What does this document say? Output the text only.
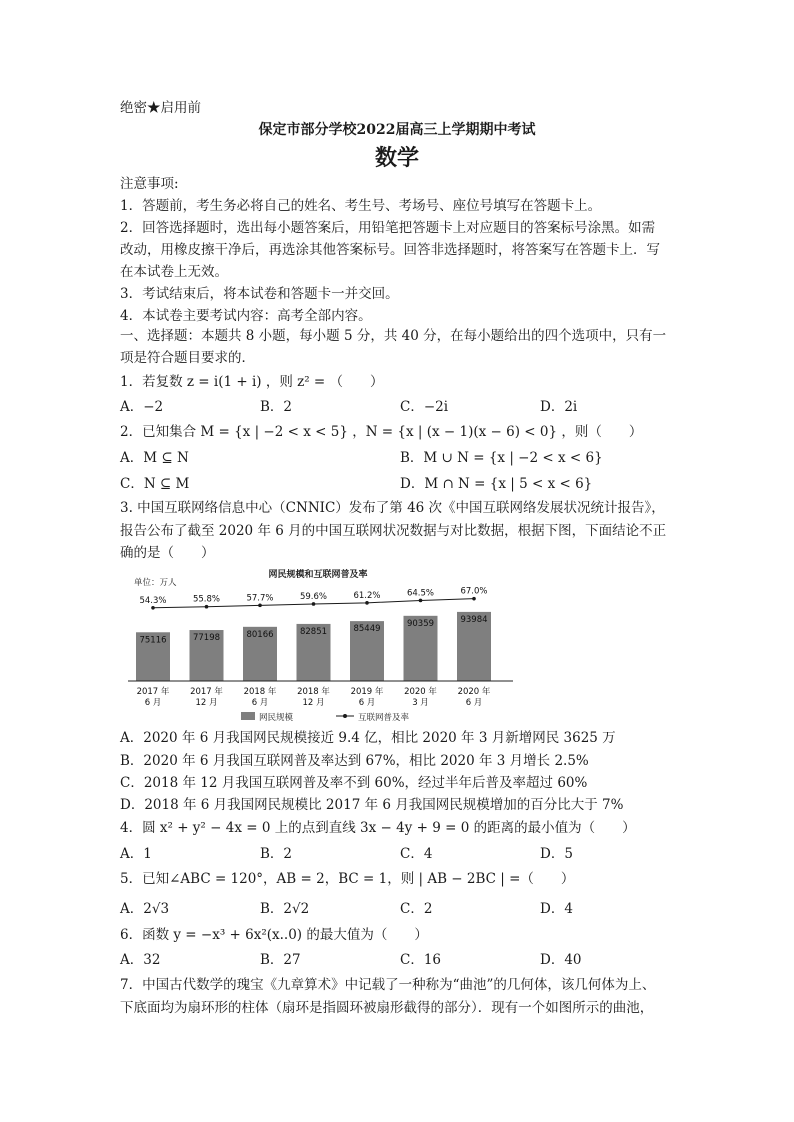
绝密★启用前
保定市部分学校2022届高三上学期期中考试
数学
注意事项:
1．答题前，考生务必将自己的姓名、考生号、考场号、座位号填写在答题卡上。
2．回答选择题时，选出每小题答案后，用铅笔把答题卡上对应题目的答案标号涂黑。如需
改动，用橡皮擦干净后，再选涂其他答案标号。回答非选择题时，将答案写在答题卡上．写
在本试卷上无效。
3．考试结束后，将本试卷和答题卡一并交回。
4．本试卷主要考试内容：高考全部内容。
一、选择题：本题共 8 小题，每小题 5 分，共 40 分，在每小题给出的四个选项中，只有一
项是符合题目要求的．
1．若复数 z = i(1 + i) ，则 z² = （　　）
A．−2	B．2	C．−2i	D．2i
2．已知集合 M = {x | −2 < x < 5} ，N = {x | (x − 1)(x − 6) < 0} ，则（　　）
A．M ⊆ N	B．M ∪ N = {x | −2 < x < 6}
C．N ⊆ M	D．M ∩ N = {x | 5 < x < 6}
3. 中国互联网络信息中心（CNNIC）发布了第 46 次《中国互联网络发展状况统计报告》，
报告公布了截至 2020 年 6 月的中国互联网状况数据与对比数据，根据下图，下面结论不正
确的是（　　）
网民规模和互联网普及率
单位：万人
75116	77198	80166	82851	85449
90359	93984
54.3%	55.8%	57.7%	59.6%	61.2%	64.5%	67.0%
2017 年
6 月
2017 年
12 月
2018 年
6 月
2018 年
12 月
2019 年
6 月
2020 年
3 月
2020 年
6 月
网民规模	互联网普及率
A．2020 年 6 月我国网民规模接近 9.4 亿，相比 2020 年 3 月新增网民 3625 万
B．2020 年 6 月我国互联网普及率达到 67%，相比 2020 年 3 月增长 2.5%
C．2018 年 12 月我国互联网普及率不到 60%，经过半年后普及率超过 60%
D．2018 年 6 月我国网民规模比 2017 年 6 月我国网民规模增加的百分比大于 7%
4．圆 x² + y² − 4x = 0 上的点到直线 3x − 4y + 9 = 0 的距离的最小值为（　　）
A．1	B．2	C．4	D．5
5．已知∠ABC = 120°，AB = 2，BC = 1，则 | AB − 2BC | =（　　）
A．2√3	B．2√2	C．2	D．4
6．函数 y = −x³ + 6x²(x..0) 的最大值为（　　）
A．32	B．27	C．16	D．40
7．中国古代数学的瑰宝《九章算术》中记载了一种称为“曲池”的几何体，该几何体为上、
下底面均为扇环形的柱体（扇环是指圆环被扇形截得的部分）．现有一个如图所示的曲池，
